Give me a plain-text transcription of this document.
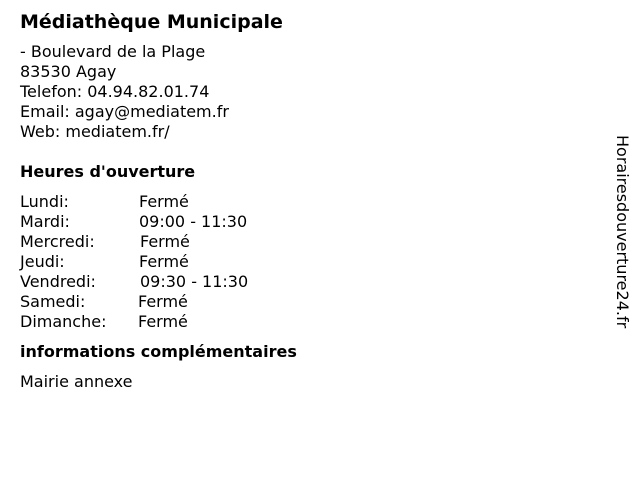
Médiathèque Municipale
- Boulevard de la Plage
83530 Agay
Telefon: 04.94.82.01.74
Email: agay@mediatem.fr
Web: mediatem.fr/
Heures d'ouverture
Lundi:	Fermé
Mardi:	09:00 - 11:30
Mercredi:	Fermé
Jeudi:	Fermé
Vendredi:	09:30 - 11:30
Samedi:	Fermé
Dimanche: Fermé
informations complémentaires
Mairie annexe
Horairesdouverture24.fr
